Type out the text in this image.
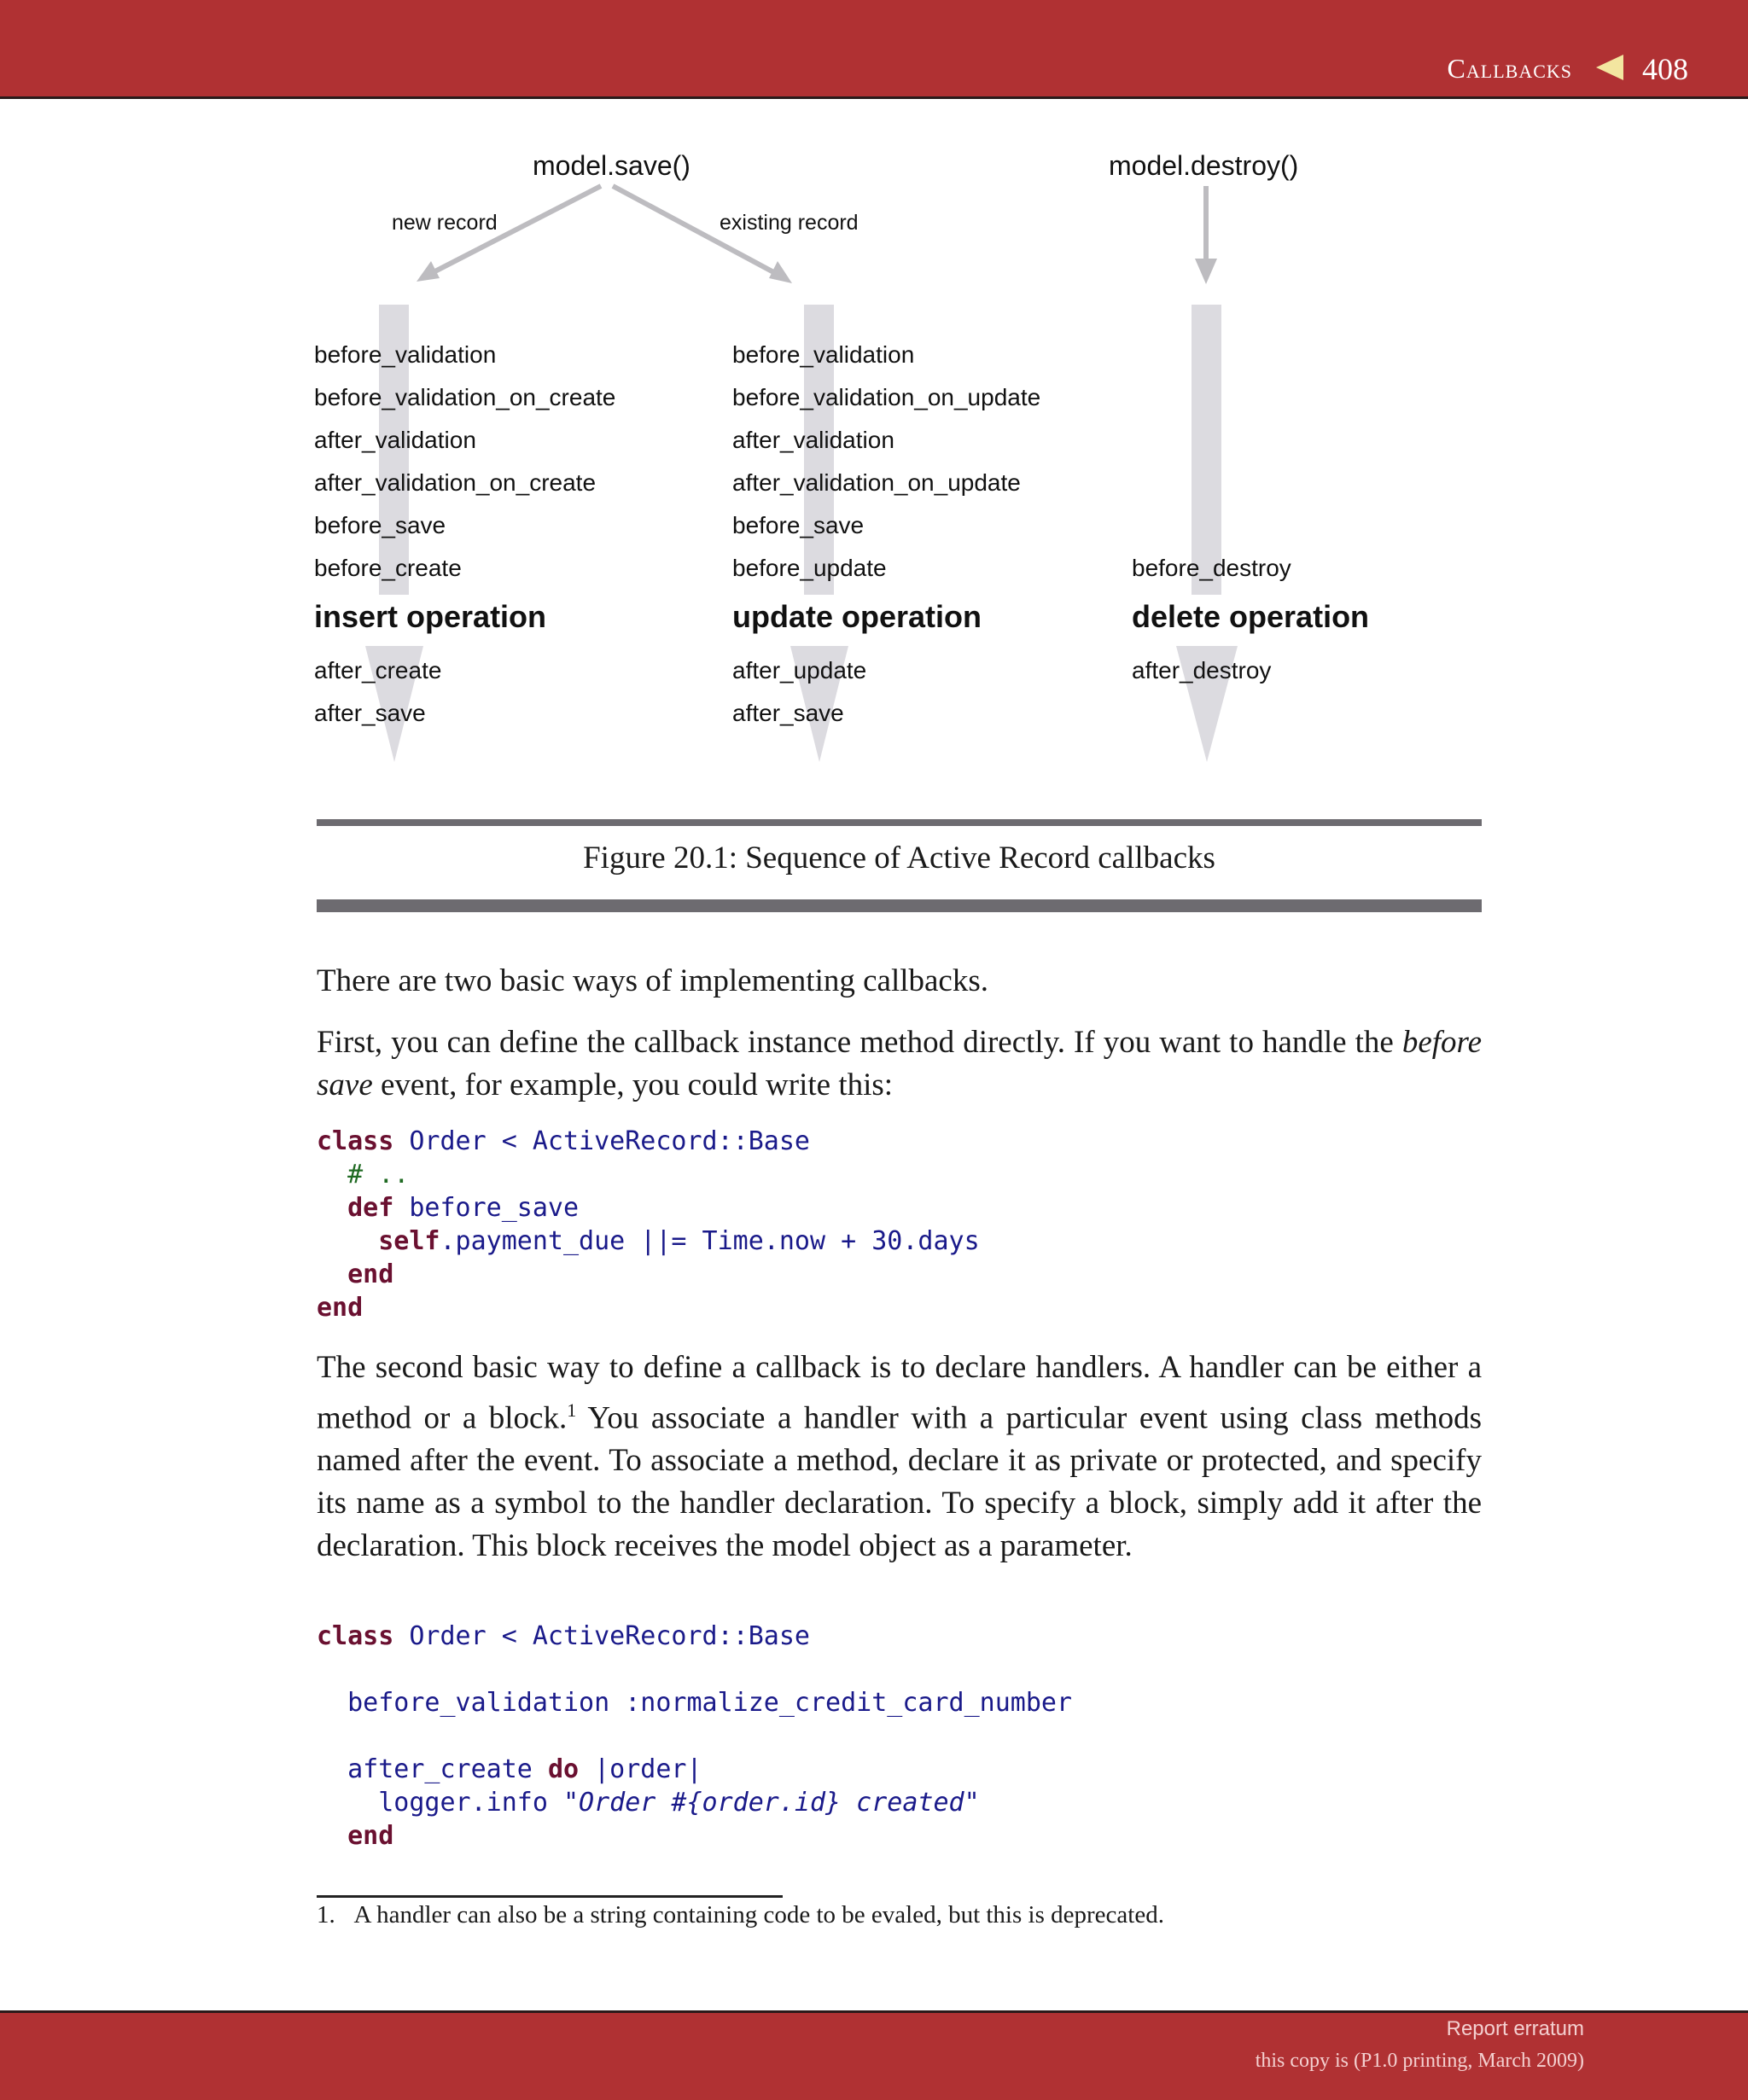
Callbacks 408
model.save()	model.destroy()
new record	existing record
before_validation
before_validation_on_create
after_validation
after_validation_on_create
before_save
before_create
insert operation
after_create
after_save
before_validation
before_validation_on_update
after_validation
after_validation_on_update
before_save
before_update
update operation
after_update
after_save
before_destroy
delete operation
after_destroy
Figure 20.1: Sequence of Active Record callbacks
There are two basic ways of implementing callbacks.
First, you can define the callback instance method directly. If you want to handle the before save event, for example, you could write this:
class Order < ActiveRecord::Base
# ..
def before_save
self.payment_due ||= Time.now + 30.days
end
end
The second basic way to define a callback is to declare handlers. A handler can be either a method or a block.$^1$ You associate a handler with a particular event using class methods named after the event. To associate a method, declare it as private or protected, and specify its name as a symbol to the handler declaration. To specify a block, simply add it after the declaration. This block receives the model object as a parameter.
class Order < ActiveRecord::Base

before_validation :normalize_credit_card_number

after_create do |order|
logger.info "Order #{order.id} created"
end
1. A handler can also be a string containing code to be evaled, but this is deprecated.
Report erratum
this copy is (P1.0 printing, March 2009)
